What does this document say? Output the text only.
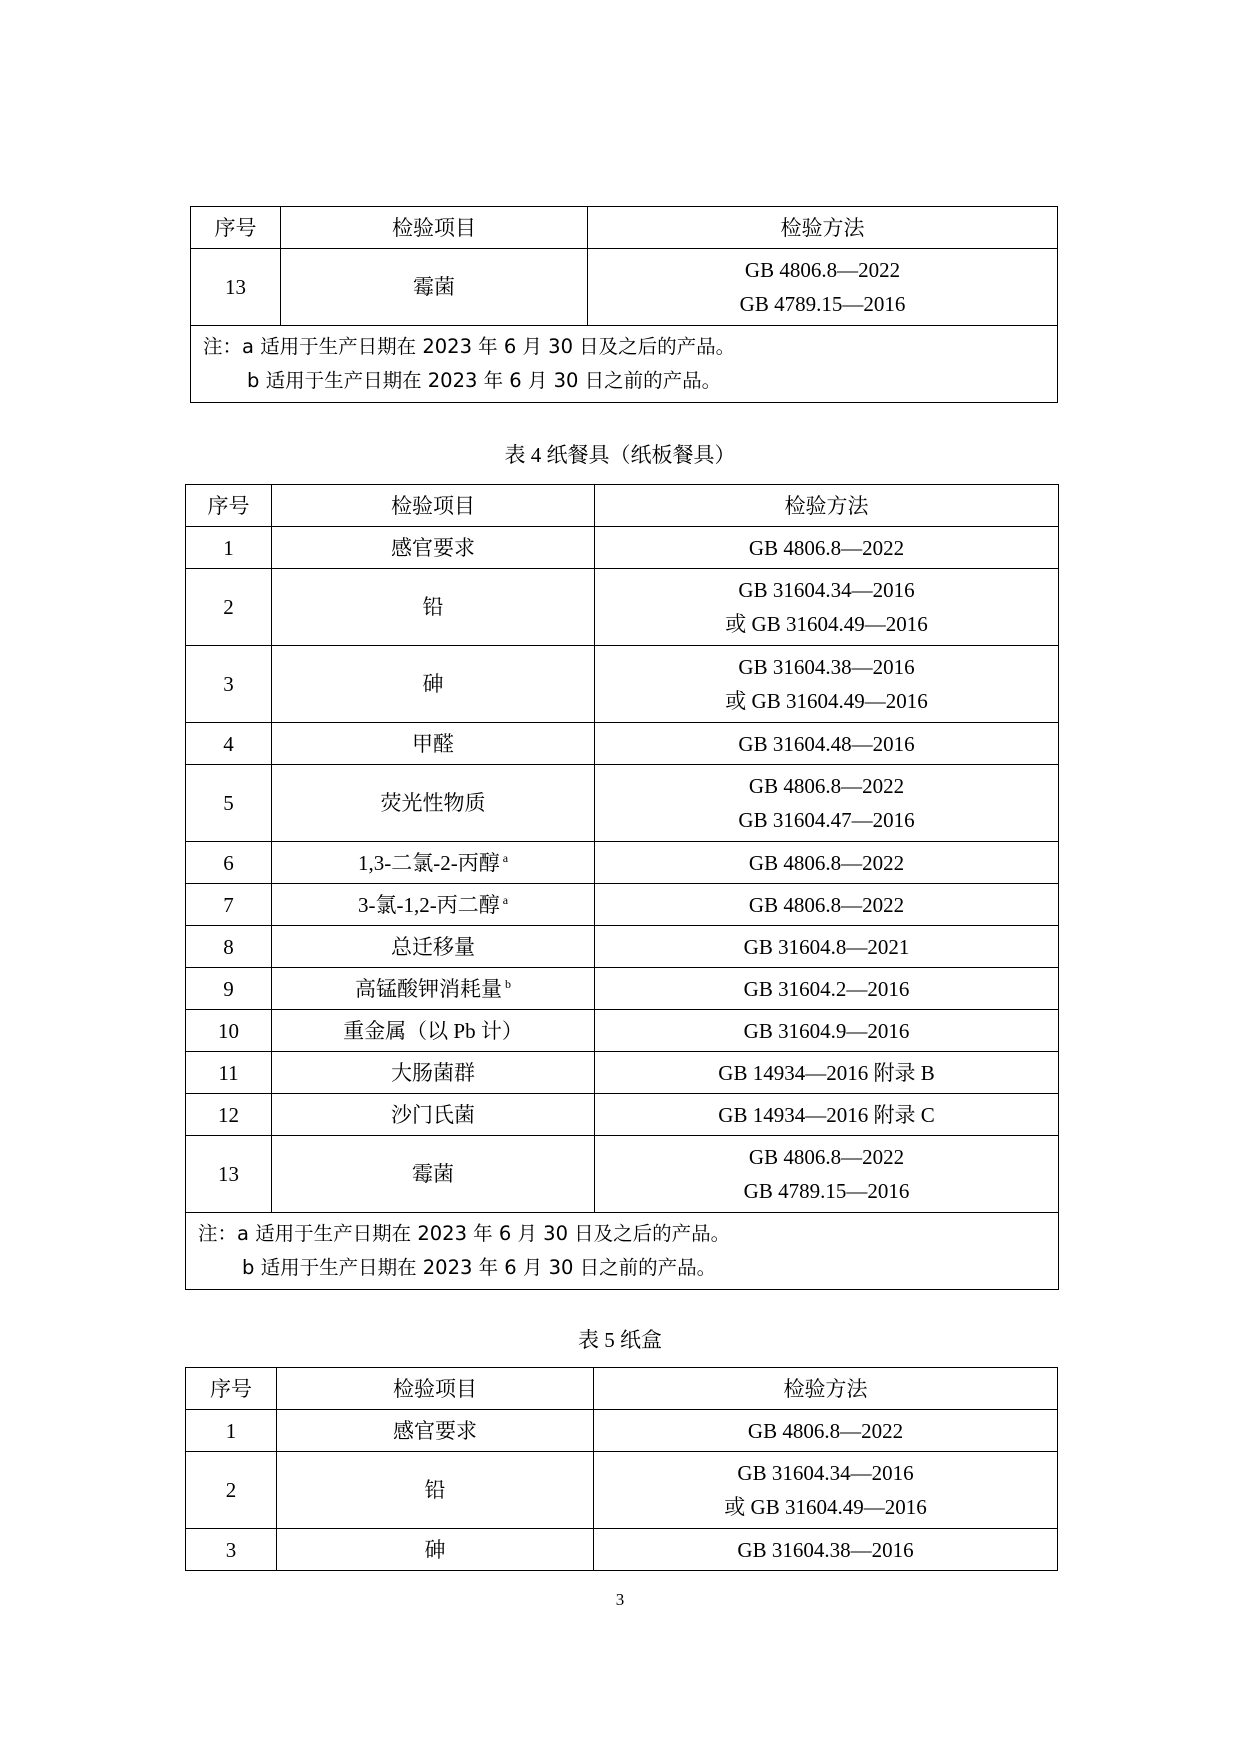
序号	检验项目	检验方法
13	霉菌	GB 4806.8—2022
GB 4789.15—2016

注：a 适用于生产日期在 2023 年 6 月 30 日及之后的产品。
b 适用于生产日期在 2023 年 6 月 30 日之前的产品。		
表 4 纸餐具（纸板餐具）
序号	检验项目	检验方法
1	感官要求	GB 4806.8—2022

2	铅	GB 31604.34—2016
或 GB 31604.49—2016

3	砷	GB 31604.38—2016
或 GB 31604.49—2016

4	甲醛	GB 31604.48—2016

5	荧光性物质	GB 4806.8—2022
GB 31604.47—2016

6	1,3-二氯-2-丙醇 $^a$	GB 4806.8—2022

7	3-氯-1,2-丙二醇 $^a$	GB 4806.8—2022

8	总迁移量	GB 31604.8—2021

9	高锰酸钾消耗量 $^b$	GB 31604.2—2016

10	重金属（以 Pb 计）	GB 31604.9—2016

11	大肠菌群	GB 14934—2016 附录 B

12	沙门氏菌	GB 14934—2016 附录 C

13	霉菌	GB 4806.8—2022
GB 4789.15—2016

注：a 适用于生产日期在 2023 年 6 月 30 日及之后的产品。
b 适用于生产日期在 2023 年 6 月 30 日之前的产品。		
表 5 纸盒
序号	检验项目	检验方法
1	感官要求	GB 4806.8—2022

2	铅	GB 31604.34—2016
或 GB 31604.49—2016

3	砷	GB 31604.38—2016
3
